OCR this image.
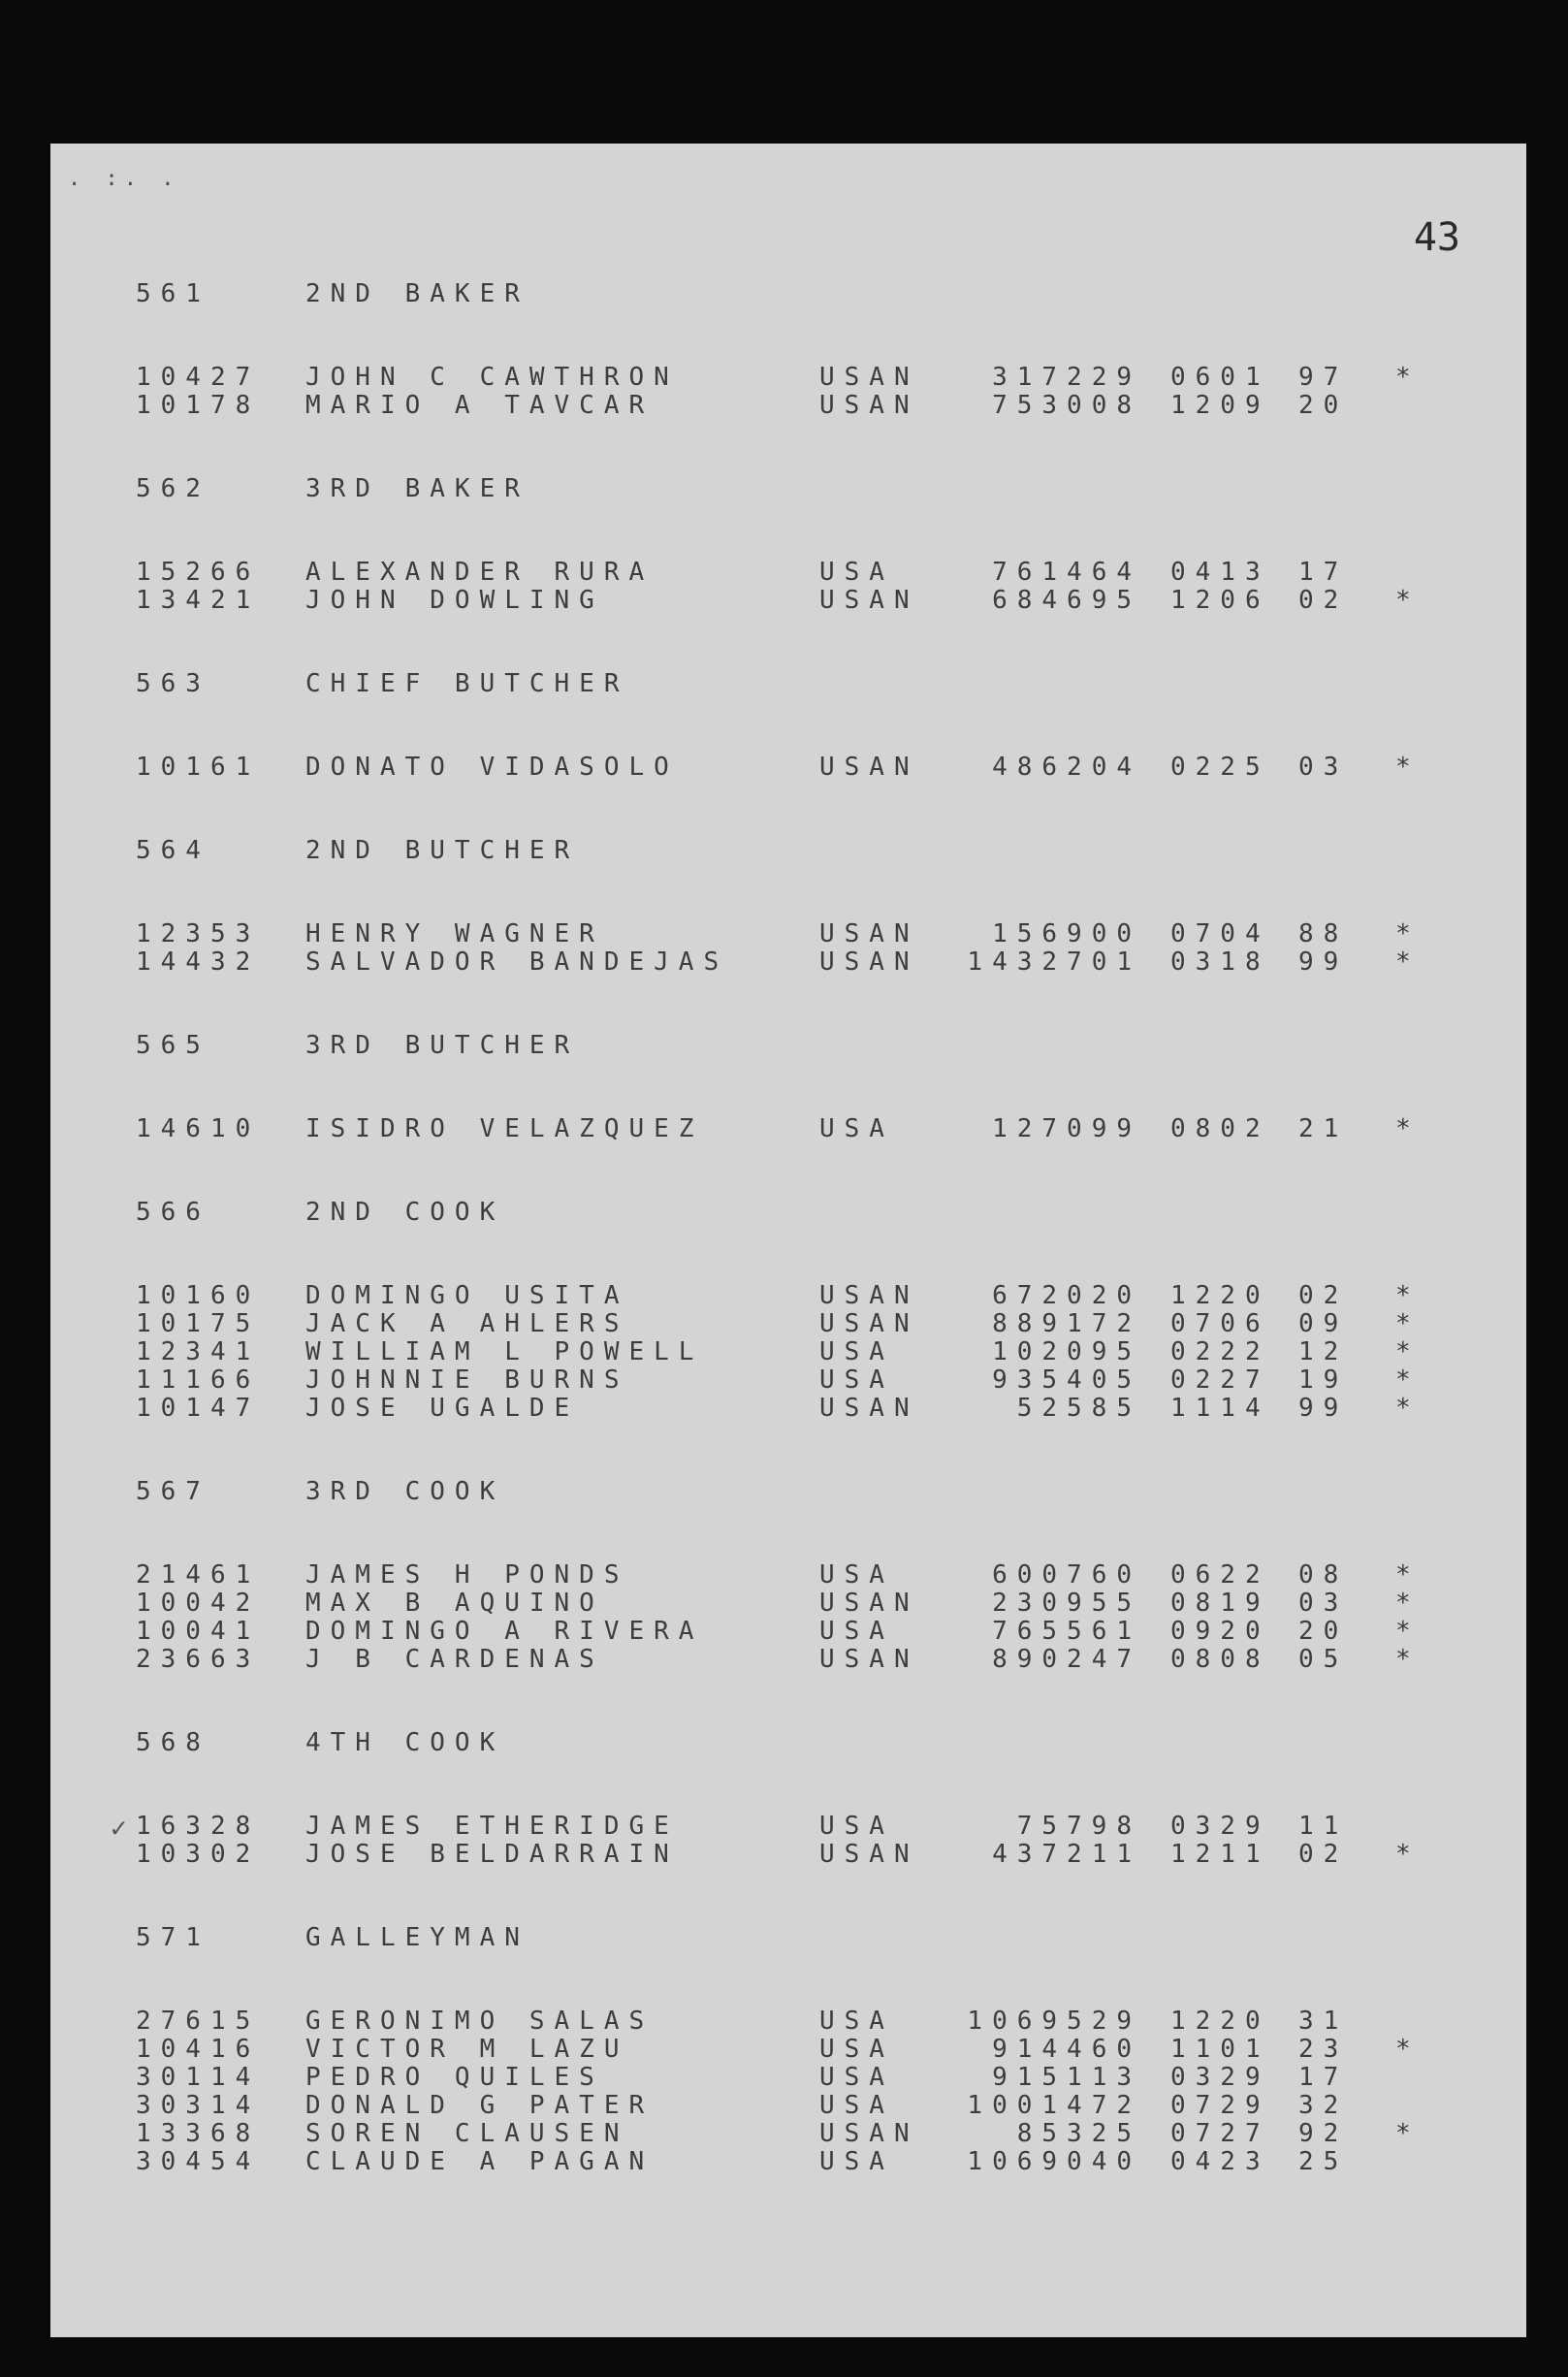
. :. .
43
561	2ND BAKER
10427	JOHN C CAWTHRON	USAN	317229	0601	97	*
10178	MARIO A TAVCAR	USAN	753008	1209	20
562	3RD BAKER
15266	ALEXANDER RURA	USA	761464	0413	17
13421	JOHN DOWLING	USAN	684695	1206	02	*
563	CHIEF BUTCHER
10161	DONATO VIDASOLO	USAN	486204	0225	03	*
564	2ND BUTCHER
12353	HENRY WAGNER	USAN	156900	0704	88	*
14432	SALVADOR BANDEJAS	USAN	1432701	0318	99	*
565	3RD BUTCHER
14610	ISIDRO VELAZQUEZ	USA	127099	0802	21	*
566	2ND COOK
10160	DOMINGO USITA	USAN	672020	1220	02	*
10175	JACK A AHLERS	USAN	889172	0706	09	*
12341	WILLIAM L POWELL	USA	102095	0222	12	*
11166	JOHNNIE BURNS	USA	935405	0227	19	*
10147	JOSE UGALDE	USAN	52585	1114	99	*
567	3RD COOK
21461	JAMES H PONDS	USA	600760	0622	08	*
10042	MAX B AQUINO	USAN	230955	0819	03	*
10041	DOMINGO A RIVERA	USA	765561	0920	20	*
23663	J B CARDENAS	USAN	890247	0808	05	*
568	4TH COOK
✓ 16328	JAMES ETHERIDGE	USA	75798	0329	11
10302	JOSE BELDARRAIN	USAN	437211	1211	02	*
571	GALLEYMAN
27615	GERONIMO SALAS	USA	1069529	1220	31
10416	VICTOR M LAZU	USA	914460	1101	23	*
30114	PEDRO QUILES	USA	915113	0329	17
30314	DONALD G PATER	USA	1001472	0729	32
13368	SOREN CLAUSEN	USAN	85325	0727	92	*
30454	CLAUDE A PAGAN	USA	1069040	0423	25
